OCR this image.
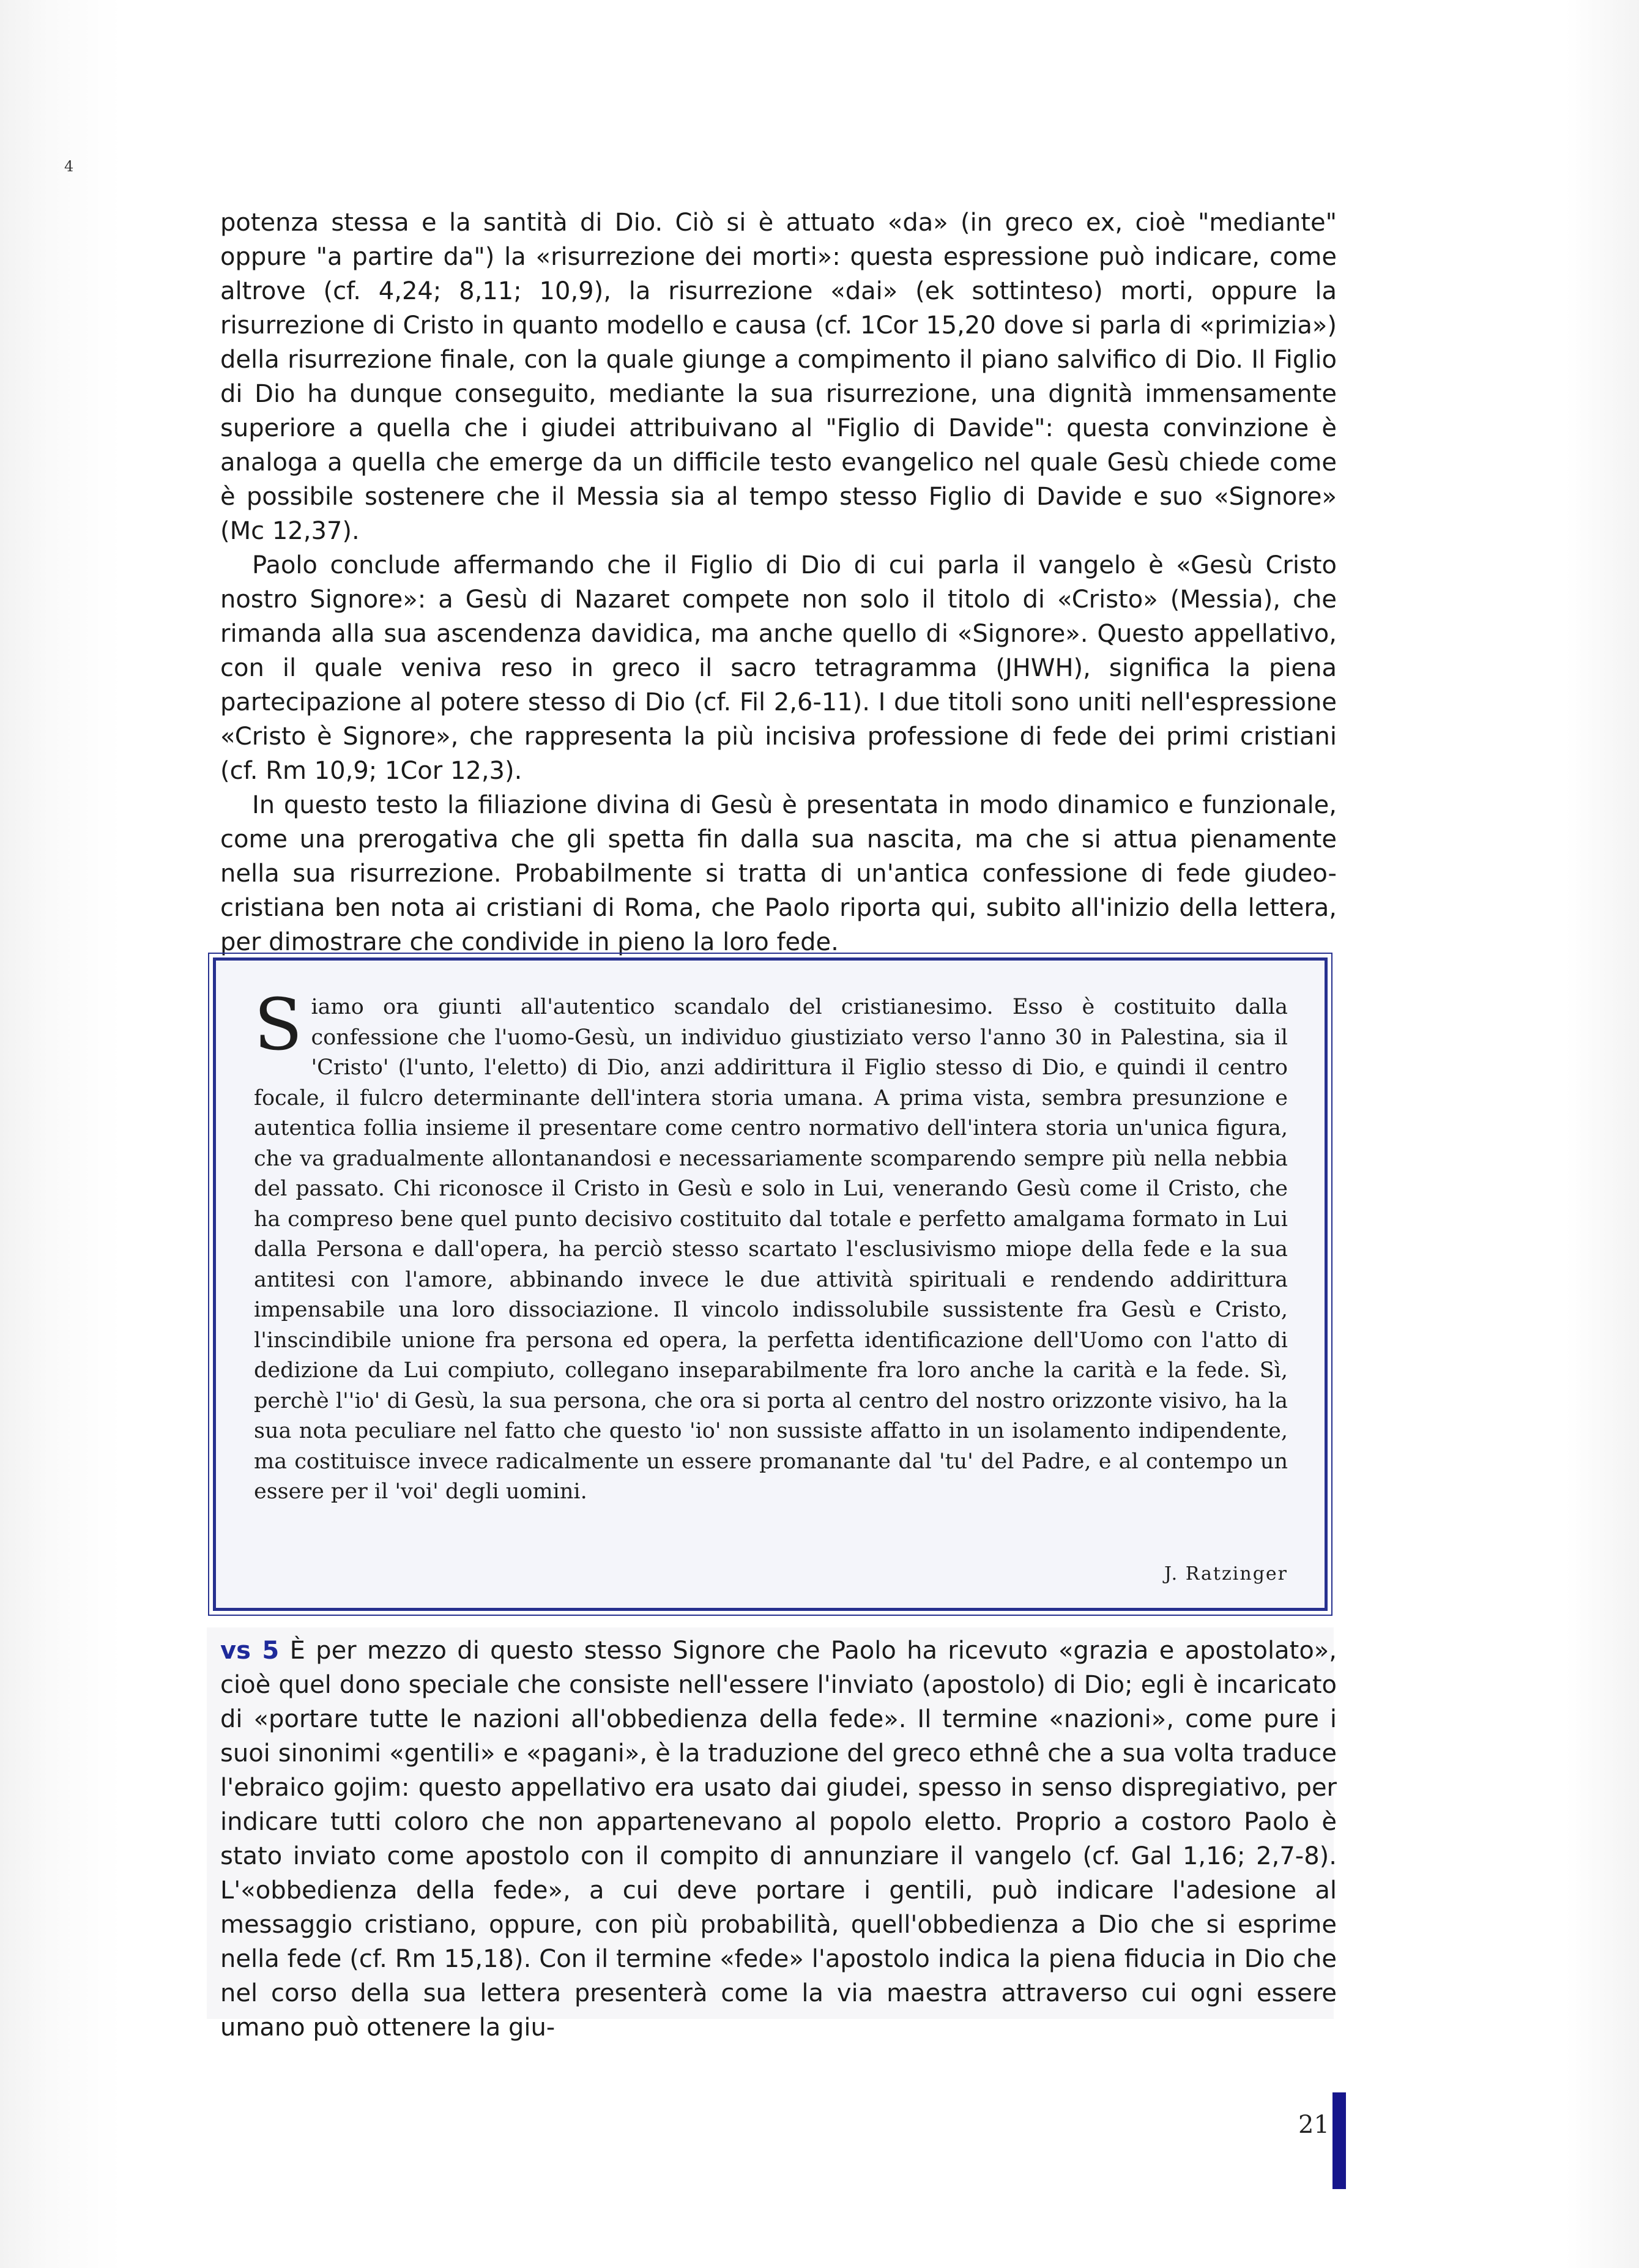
4

potenza stessa e la santità di Dio. Ciò si è attuato «da» (in greco ex, cioè "mediante" oppure "a partire da") la «risurrezione dei morti»: questa espressione può indicare, come altrove (cf. 4,24; 8,11; 10,9), la risurrezione «dai» (ek sottinteso) morti, oppure la risurrezione di Cristo in quanto modello e causa (cf. 1Cor 15,20 dove si parla di «primizia») della risurrezione finale, con la quale giunge a compimento il piano salvifico di Dio. Il Figlio di Dio ha dunque conseguito, mediante la sua risurrezione, una dignità immensamente superiore a quella che i giudei attribuivano al "Figlio di Davide": questa convinzione è analoga a quella che emerge da un difficile testo evangelico nel quale Gesù chiede come è possibile sostenere che il Messia sia al tempo stesso Figlio di Davide e suo «Signore» (Mc 12,37).

Paolo conclude affermando che il Figlio di Dio di cui parla il vangelo è «Gesù Cristo nostro Signore»: a Gesù di Nazaret compete non solo il titolo di «Cristo» (Messia), che rimanda alla sua ascendenza davidica, ma anche quello di «Signore». Questo appellativo, con il quale veniva reso in greco il sacro tetragramma (JHWH), significa la piena partecipazione al potere stesso di Dio (cf. Fil 2,6-11). I due titoli sono uniti nell'espressione «Cristo è Signore», che rappresenta la più incisiva professione di fede dei primi cristiani (cf. Rm 10,9; 1Cor 12,3).

In questo testo la filiazione divina di Gesù è presentata in modo dinamico e funzionale, come una prerogativa che gli spetta fin dalla sua nascita, ma che si attua pienamente nella sua risurrezione. Probabilmente si tratta di un'antica confessione di fede giudeo-cristiana ben nota ai cristiani di Roma, che Paolo riporta qui, subito all'inizio della lettera, per dimostrare che condivide in pieno la loro fede.

Siamo ora giunti all'autentico scandalo del cristianesimo. Esso è costituito dalla confessione che l'uomo-Gesù, un individuo giustiziato verso l'anno 30 in Palestina, sia il 'Cristo' (l'unto, l'eletto) di Dio, anzi addirittura il Figlio stesso di Dio, e quindi il centro focale, il fulcro determinante dell'intera storia umana. A prima vista, sembra presunzione e autentica follia insieme il presentare come centro normativo dell'intera storia un'unica figura, che va gradualmente allontanandosi e necessariamente scomparendo sempre più nella nebbia del passato. Chi riconosce il Cristo in Gesù e solo in Lui, venerando Gesù come il Cristo, che ha compreso bene quel punto decisivo costituito dal totale e perfetto amalgama formato in Lui dalla Persona e dall'opera, ha perciò stesso scartato l'esclusivismo miope della fede e la sua antitesi con l'amore, abbinando invece le due attività spirituali e rendendo addirittura impensabile una loro dissociazione. Il vincolo indissolubile sussistente fra Gesù e Cristo, l'inscindibile unione fra persona ed opera, la perfetta identificazione dell'Uomo con l'atto di dedizione da Lui compiuto, collegano inseparabilmente fra loro anche la carità e la fede. Sì, perchè l''io' di Gesù, la sua persona, che ora si porta al centro del nostro orizzonte visivo, ha la sua nota peculiare nel fatto che questo 'io' non sussiste affatto in un isolamento indipendente, ma costituisce invece radicalmente un essere promanante dal 'tu' del Padre, e al contempo un essere per il 'voi' degli uomini.
J. Ratzinger

vs 5 È per mezzo di questo stesso Signore che Paolo ha ricevuto «grazia e apostolato», cioè quel dono speciale che consiste nell'essere l'inviato (apostolo) di Dio; egli è incaricato di «portare tutte le nazioni all'obbedienza della fede». Il termine «nazioni», come pure i suoi sinonimi «gentili» e «pagani», è la traduzione del greco ethnê che a sua volta traduce l'ebraico gojim: questo appellativo era usato dai giudei, spesso in senso dispregiativo, per indicare tutti coloro che non appartenevano al popolo eletto. Proprio a costoro Paolo è stato inviato come apostolo con il compito di annunziare il vangelo (cf. Gal 1,16; 2,7-8). L'«obbedienza della fede», a cui deve portare i gentili, può indicare l'adesione al messaggio cristiano, oppure, con più probabilità, quell'obbedienza a Dio che si esprime nella fede (cf. Rm 15,18). Con il termine «fede» l'apostolo indica la piena fiducia in Dio che nel corso della sua lettera presenterà come la via maestra attraverso cui ogni essere umano può ottenere la giu-

21
